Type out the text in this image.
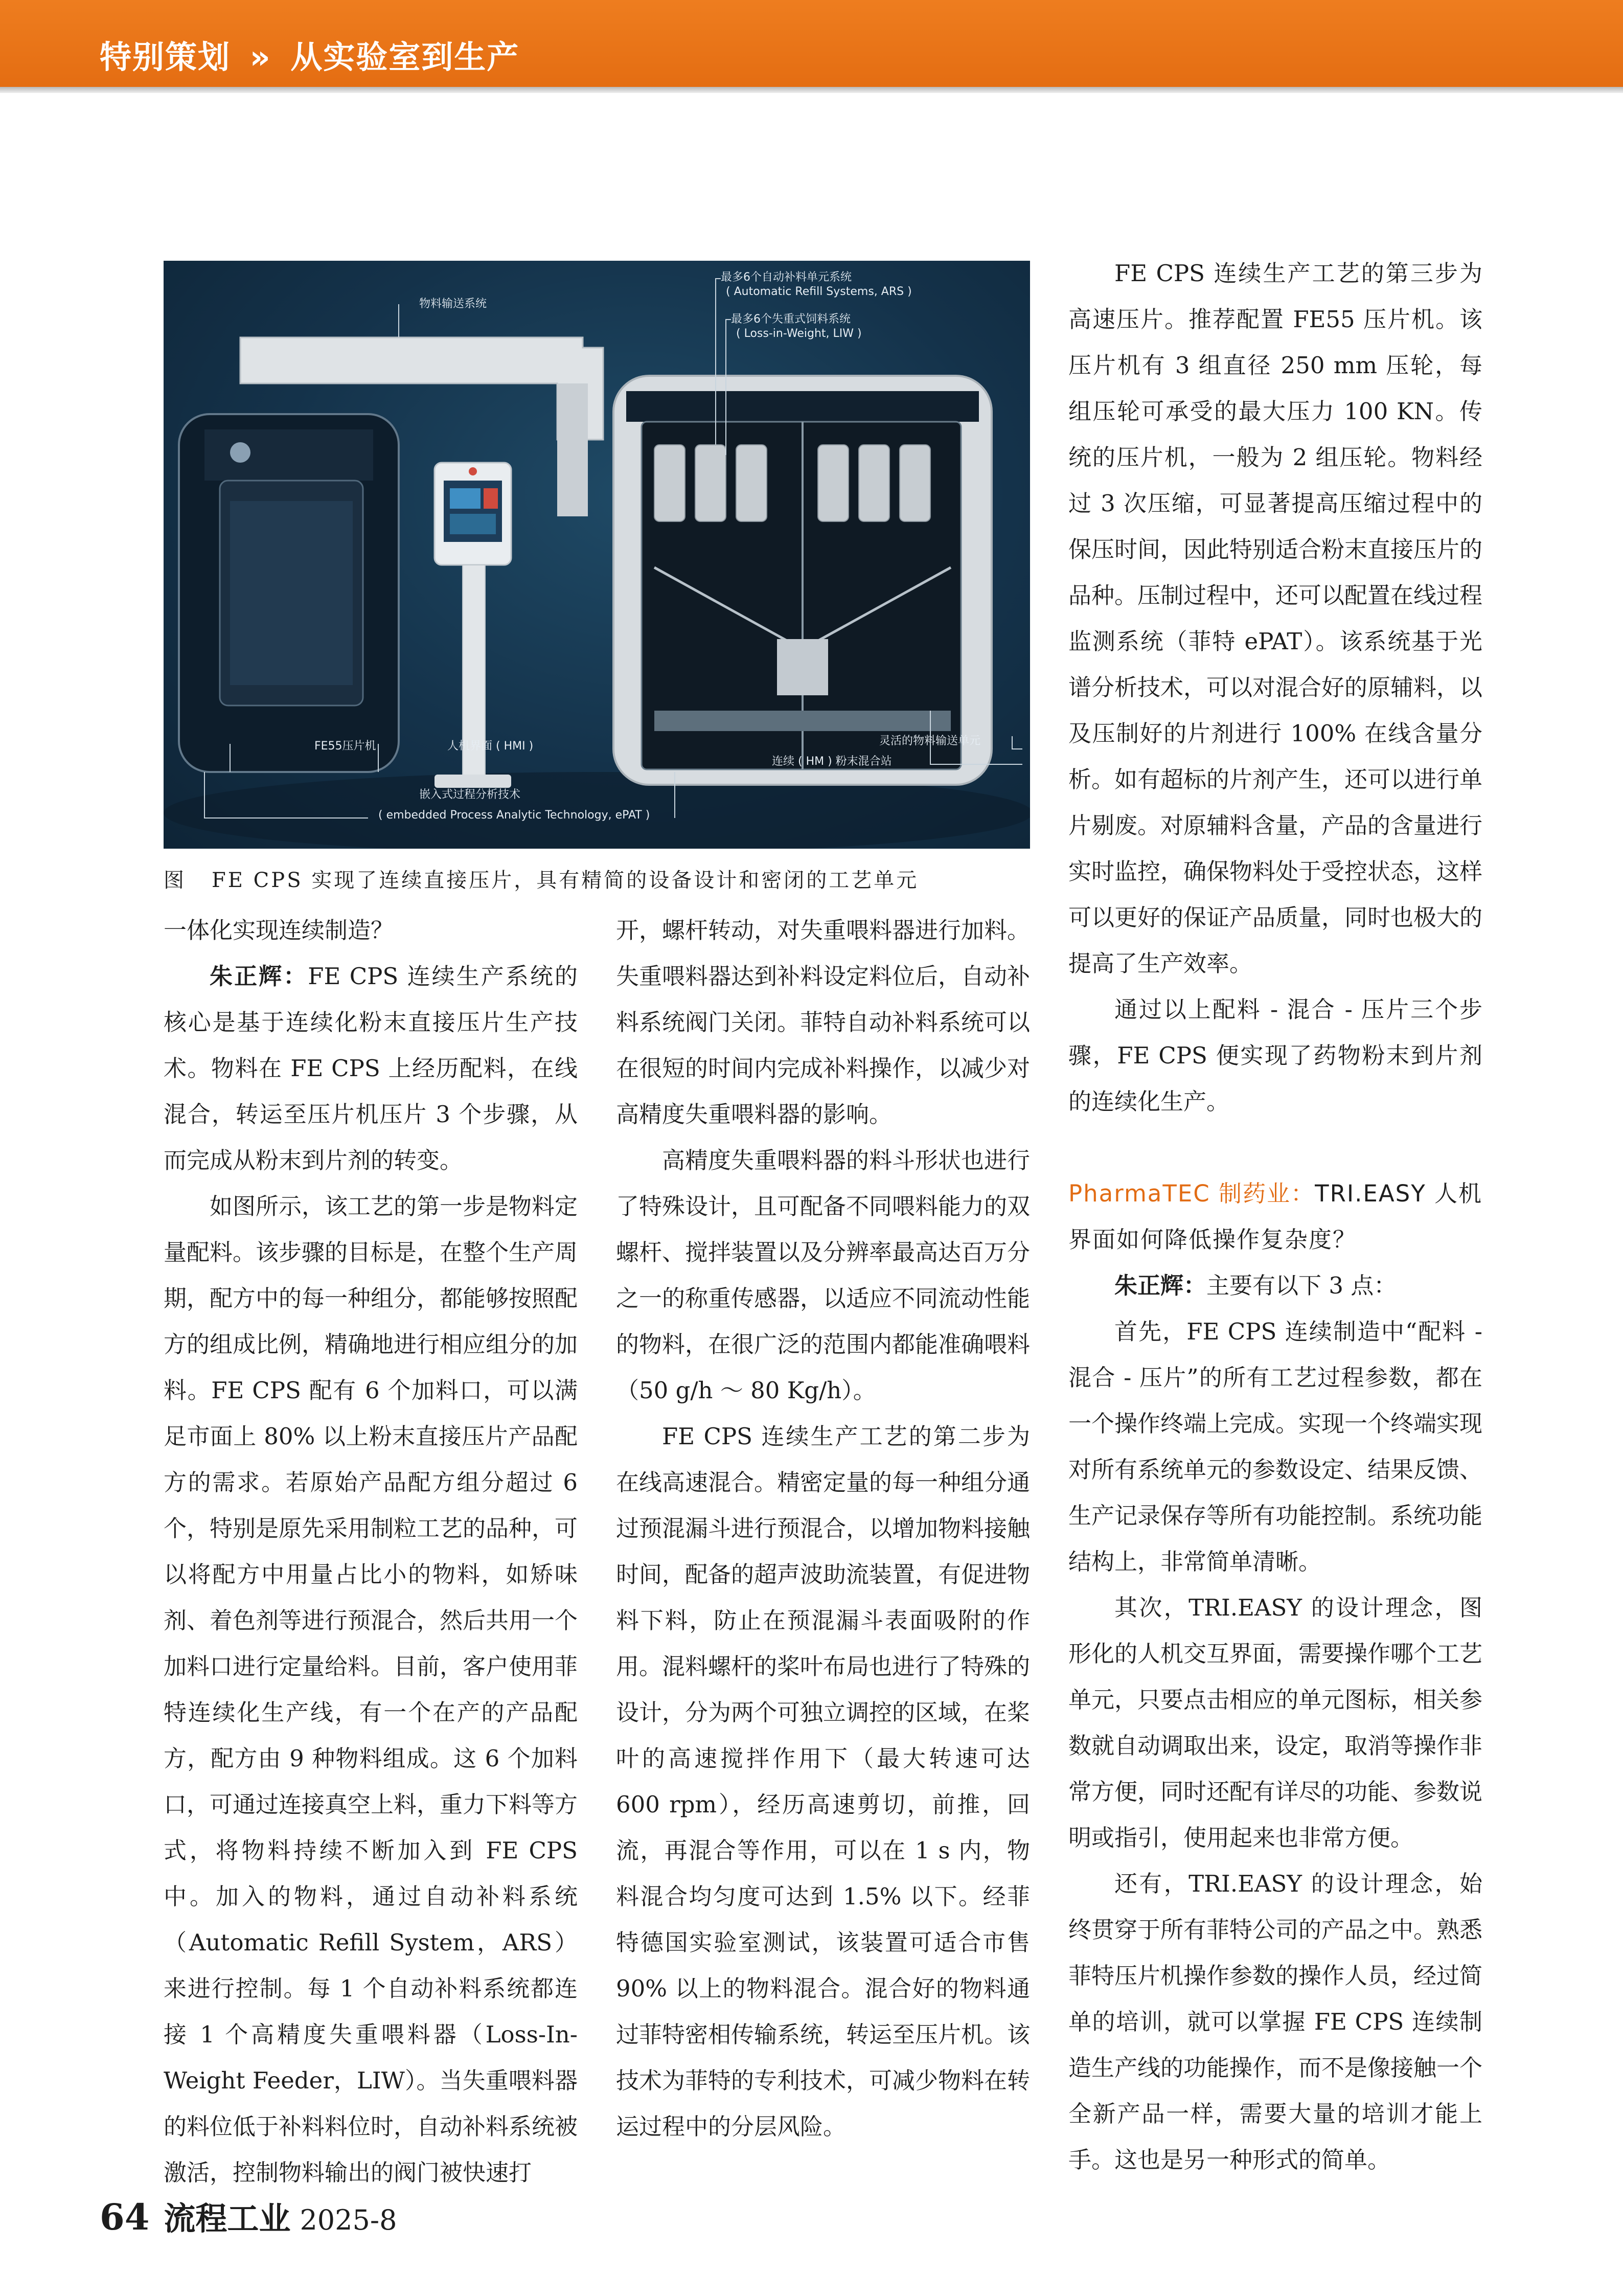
特别策划 » 从实验室到生产
物料输送系统
最多6个自动补料单元系统
( Automatic Refill Systems, ARS )
最多6个失重式饲料系统
( Loss-in-Weight, LIW )
FE55压片机	人机界面 ( HMI )	灵活的物料输送单元
连续 ( HM ) 粉末混合站
嵌入式过程分析技术
( embedded Process Analytic Technology, ePAT )
图 FE CPS 实现了连续直接压片，具有精简的设备设计和密闭的工艺单元

一体化实现连续制造？

朱正辉：FE CPS 连续生产系统的核心是基于连续化粉末直接压片生产技术。物料在 FE CPS 上经历配料，在线混合，转运至压片机压片 3 个步骤，从而完成从粉末到片剂的转变。

如图所示，该工艺的第一步是物料定量配料。该步骤的目标是，在整个生产周期，配方中的每一种组分，都能够按照配方的组成比例，精确地进行相应组分的加料。FE CPS 配有 6 个加料口，可以满足市面上 80% 以上粉末直接压片产品配方的需求。若原始产品配方组分超过 6 个，特别是原先采用制粒工艺的品种，可以将配方中用量占比小的物料，如矫味剂、着色剂等进行预混合，然后共用一个加料口进行定量给料。目前，客户使用菲特连续化生产线，有一个在产的产品配方，配方由 9 种物料组成。这 6 个加料口，可通过连接真空上料，重力下料等方式，将物料持续不断加入到 FE CPS 中。加入的物料，通过自动补料系统（Automatic Refill System，ARS）来进行控制。每 1 个自动补料系统都连接 1 个高精度失重喂料器（Loss-In-Weight Feeder，LIW）。当失重喂料器的料位低于补料料位时，自动补料系统被激活，控制物料输出的阀门被快速打

开，螺杆转动，对失重喂料器进行加料。失重喂料器达到补料设定料位后，自动补料系统阀门关闭。菲特自动补料系统可以在很短的时间内完成补料操作，以减少对高精度失重喂料器的影响。

高精度失重喂料器的料斗形状也进行了特殊设计，且可配备不同喂料能力的双螺杆、搅拌装置以及分辨率最高达百万分之一的称重传感器，以适应不同流动性能的物料，在很广泛的范围内都能准确喂料（50 g/h ～ 80 Kg/h）。

FE CPS 连续生产工艺的第二步为在线高速混合。精密定量的每一种组分通过预混漏斗进行预混合，以增加物料接触时间，配备的超声波助流装置，有促进物料下料，防止在预混漏斗表面吸附的作用。混料螺杆的桨叶布局也进行了特殊的设计，分为两个可独立调控的区域，在桨叶的高速搅拌作用下（最大转速可达 600 rpm），经历高速剪切，前推，回流，再混合等作用，可以在 1 s 内，物料混合均匀度可达到 1.5% 以下。经菲特德国实验室测试，该装置可适合市售 90% 以上的物料混合。混合好的物料通过菲特密相传输系统，转运至压片机。该技术为菲特的专利技术，可减少物料在转运过程中的分层风险。

FE CPS 连续生产工艺的第三步为高速压片。推荐配置 FE55 压片机。该压片机有 3 组直径 250 mm 压轮，每组压轮可承受的最大压力 100 KN。传统的压片机，一般为 2 组压轮。物料经过 3 次压缩，可显著提高压缩过程中的保压时间，因此特别适合粉末直接压片的品种。压制过程中，还可以配置在线过程监测系统（菲特 ePAT）。该系统基于光谱分析技术，可以对混合好的原辅料，以及压制好的片剂进行 100% 在线含量分析。如有超标的片剂产生，还可以进行单片剔废。对原辅料含量，产品的含量进行实时监控，确保物料处于受控状态，这样可以更好的保证产品质量，同时也极大的提高了生产效率。

通过以上配料 - 混合 - 压片三个步骤，FE CPS 便实现了药物粉末到片剂的连续化生产。

PharmaTEC 制药业：TRI.EASY 人机界面如何降低操作复杂度？

朱正辉：主要有以下 3 点：

首先，FE CPS 连续制造中“配料 - 混合 - 压片”的所有工艺过程参数，都在一个操作终端上完成。实现一个终端实现对所有系统单元的参数设定、结果反馈、生产记录保存等所有功能控制。系统功能结构上，非常简单清晰。

其次，TRI.EASY 的设计理念，图形化的人机交互界面，需要操作哪个工艺单元，只要点击相应的单元图标，相关参数就自动调取出来，设定，取消等操作非常方便，同时还配有详尽的功能、参数说明或指引，使用起来也非常方便。

还有，TRI.EASY 的设计理念，始终贯穿于所有菲特公司的产品之中。熟悉菲特压片机操作参数的操作人员，经过简单的培训，就可以掌握 FE CPS 连续制造生产线的功能操作，而不是像接触一个全新产品一样，需要大量的培训才能上手。这也是另一种形式的简单。

64 流程工业 2025-8
